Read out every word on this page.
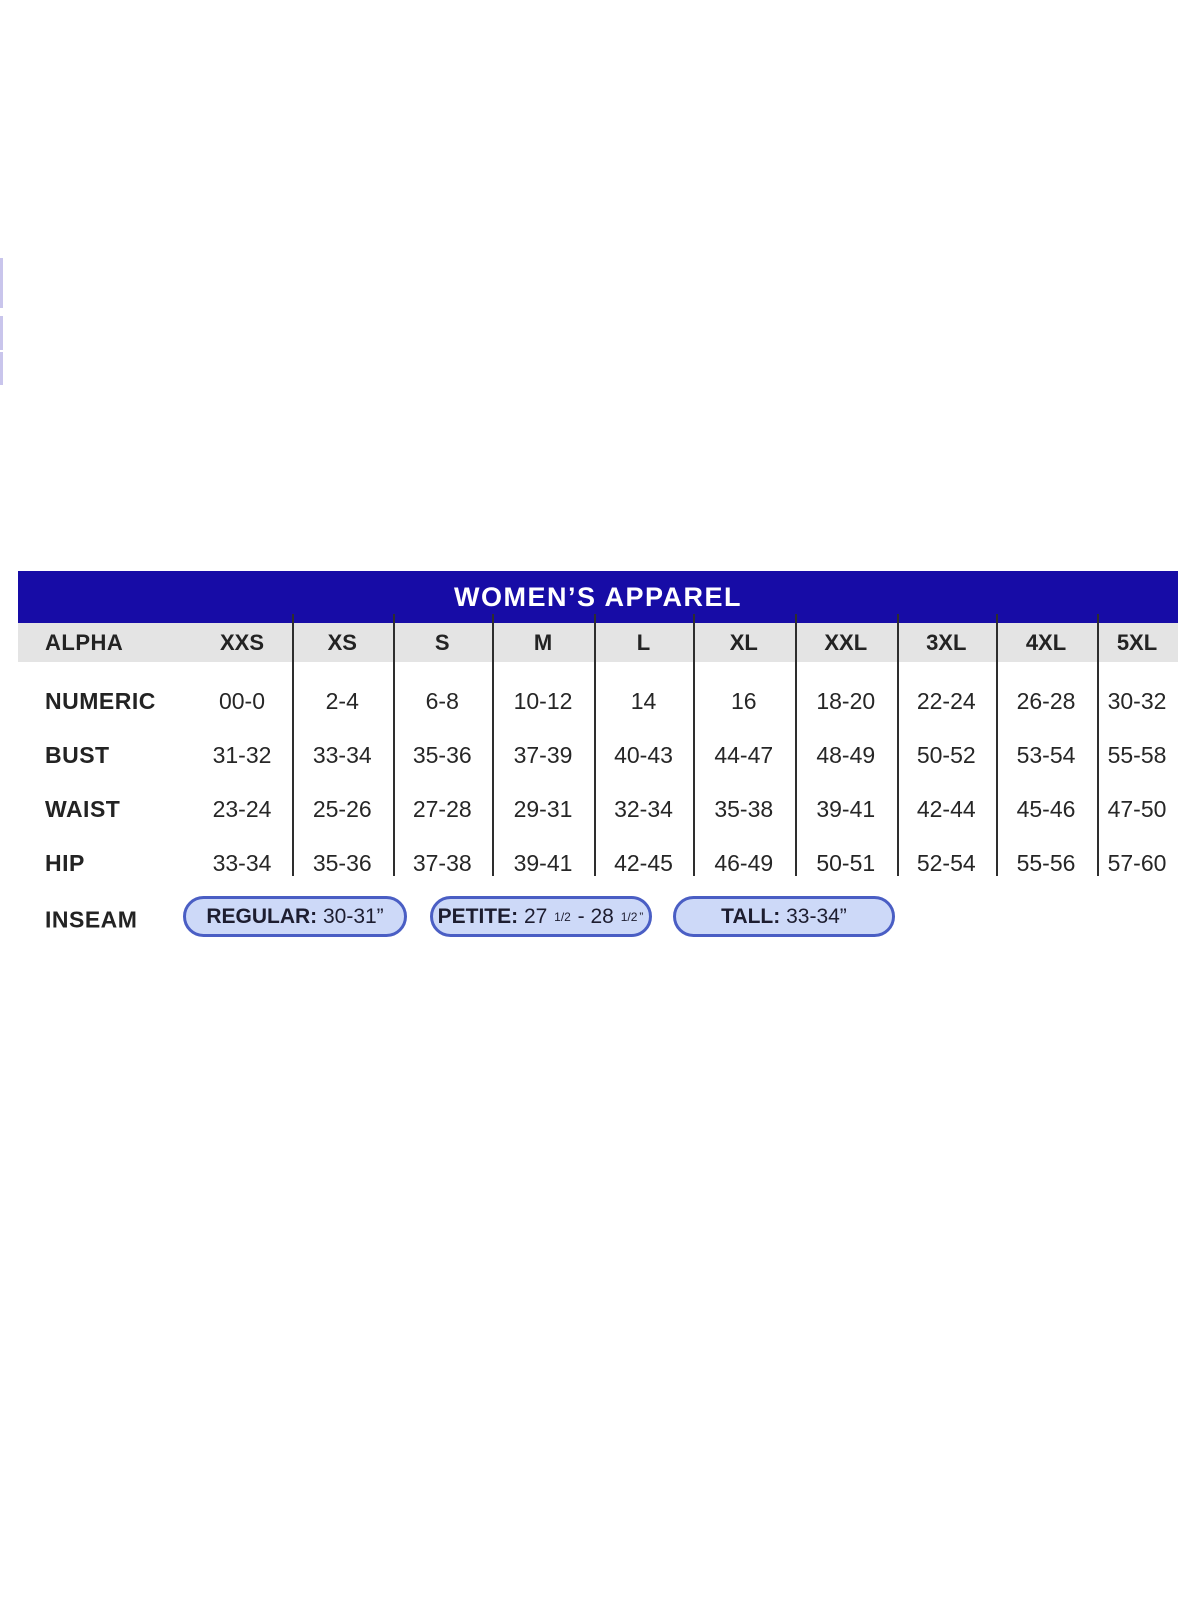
WOMEN’S APPAREL
ALPHA	XXS	XS	S	M	L	XL	XXL	3XL	4XL	5XL
NUMERIC	00-0	2-4	6-8	10-12	14	16	18-20	22-24	26-28	30-32
BUST	31-32	33-34	35-36	37-39	40-43	44-47	48-49	50-52	53-54	55-58
WAIST	23-24	25-26	27-28	29-31	32-34	35-38	39-41	42-44	45-46	47-50
HIP	33-34	35-36	37-38	39-41	42-45	46-49	50-51	52-54	55-56	57-60
INSEAM	REGULAR: 30-31”	PETITE: 27 1/2 - 28 1/2 ”	TALL: 33-34”
